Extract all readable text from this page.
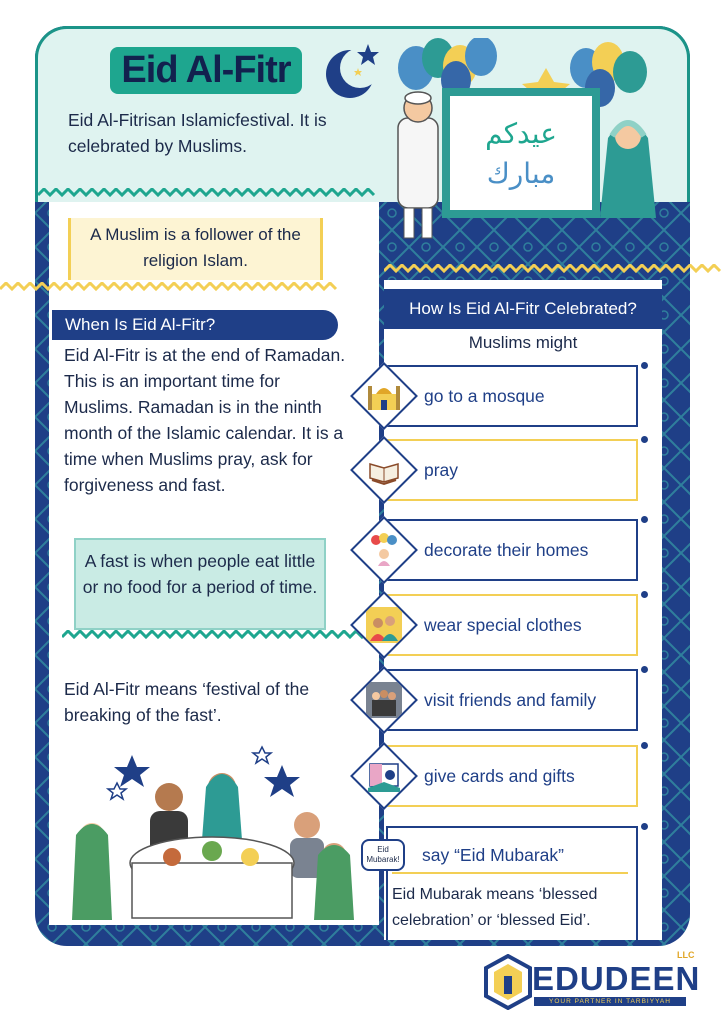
Eid Al-Fitr
عيدكم
مبارك
Eid Al-Fitrisan Islamicfestival. It is celebrated by Muslims.
A Muslim is a follower of the religion Islam.
When Is Eid Al-Fitr?
Eid Al-Fitr is at the end of Ramadan. This is an important time for Muslims. Ramadan is in the ninth month of the Islamic calendar. It is a time when Muslims pray, ask for forgiveness and fast.
A fast is when people eat little or no food for a period of time.
Eid Al-Fitr means ‘festival of the breaking of the fast’.
How Is Eid Al-Fitr Celebrated?
Muslims might
go to a mosque
pray
decorate their homes
wear special clothes
visit friends and family
give cards and gifts
Eid Mubarak!	say “Eid Mubarak”
Eid Mubarak means ‘blessed celebration’ or ‘blessed Eid’.
EDUDEEN
LLC
YOUR PARTNER IN TARBIYYAH
